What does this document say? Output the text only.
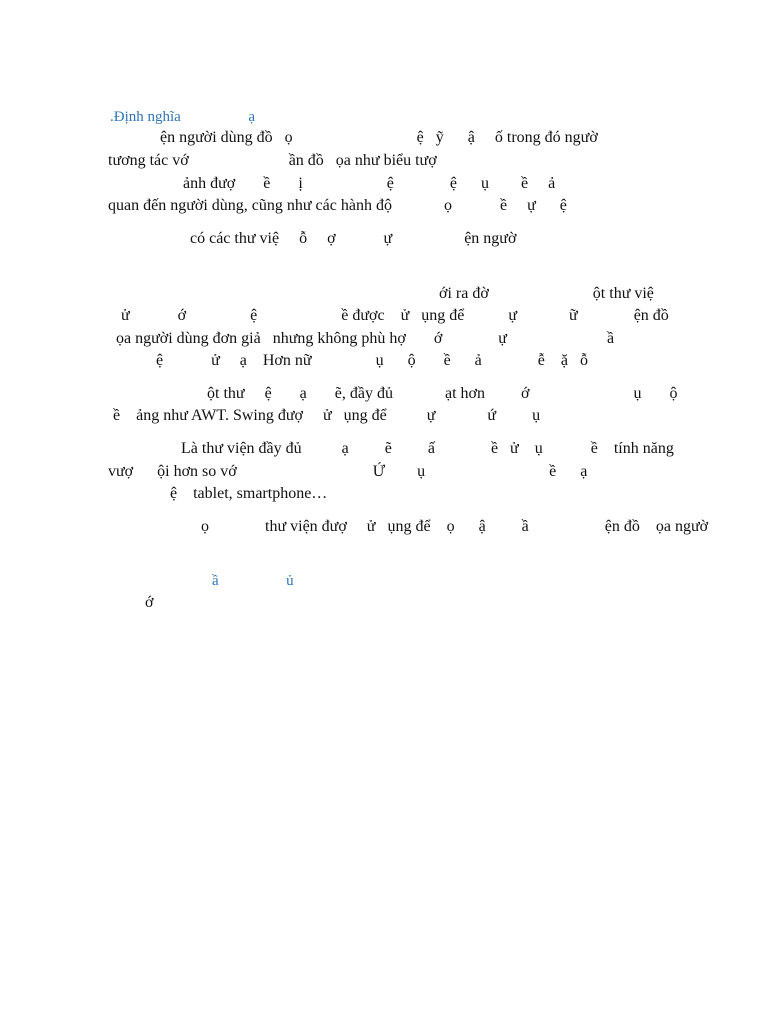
.Định nghĩa                  ạ
ện người dùng đồ   ọ                               ệ   ỹ      ậ     ố trong đó ngườ
tương tác vớ                         ần đồ   ọa như biểu tượ
ảnh đượ       ề       ị                     ệ              ệ      ụ        ề     ả
quan đến người dùng, cũng như các hành độ             ọ            ề     ự      ệ
có các thư việ     ỗ     ợ            ự                  ện ngườ
ới ra đờ                          ột thư việ
ử            ớ                ệ                     ề được    ử   ụng để           ự             ữ              ện đồ
ọa người dùng đơn giả   nhưng không phù hợ       ớ              ự                         ầ
ệ            ử     ạ    Hơn nữ                ụ      ộ       ề      ả              ễ    ặ   ỗ
ột thư     ệ       ạ       ẽ, đầy đủ             ạt hơn         ớ                          ụ       ộ
ề    ảng như AWT. Swing đượ     ử   ụng để          ự             ứ         ụ
Là thư viện đầy đủ          ạ         ẽ         ấ              ề   ử    ụ            ề    tính năng
vượ      ội hơn so vớ                                  Ứ        ụ                               ề      ạ
ệ    tablet, smartphone…
ọ              thư viện đượ     ử   ụng để    ọ      ậ         ầ                   ện đồ    ọa ngườ
ầ                  ủ
ớ
